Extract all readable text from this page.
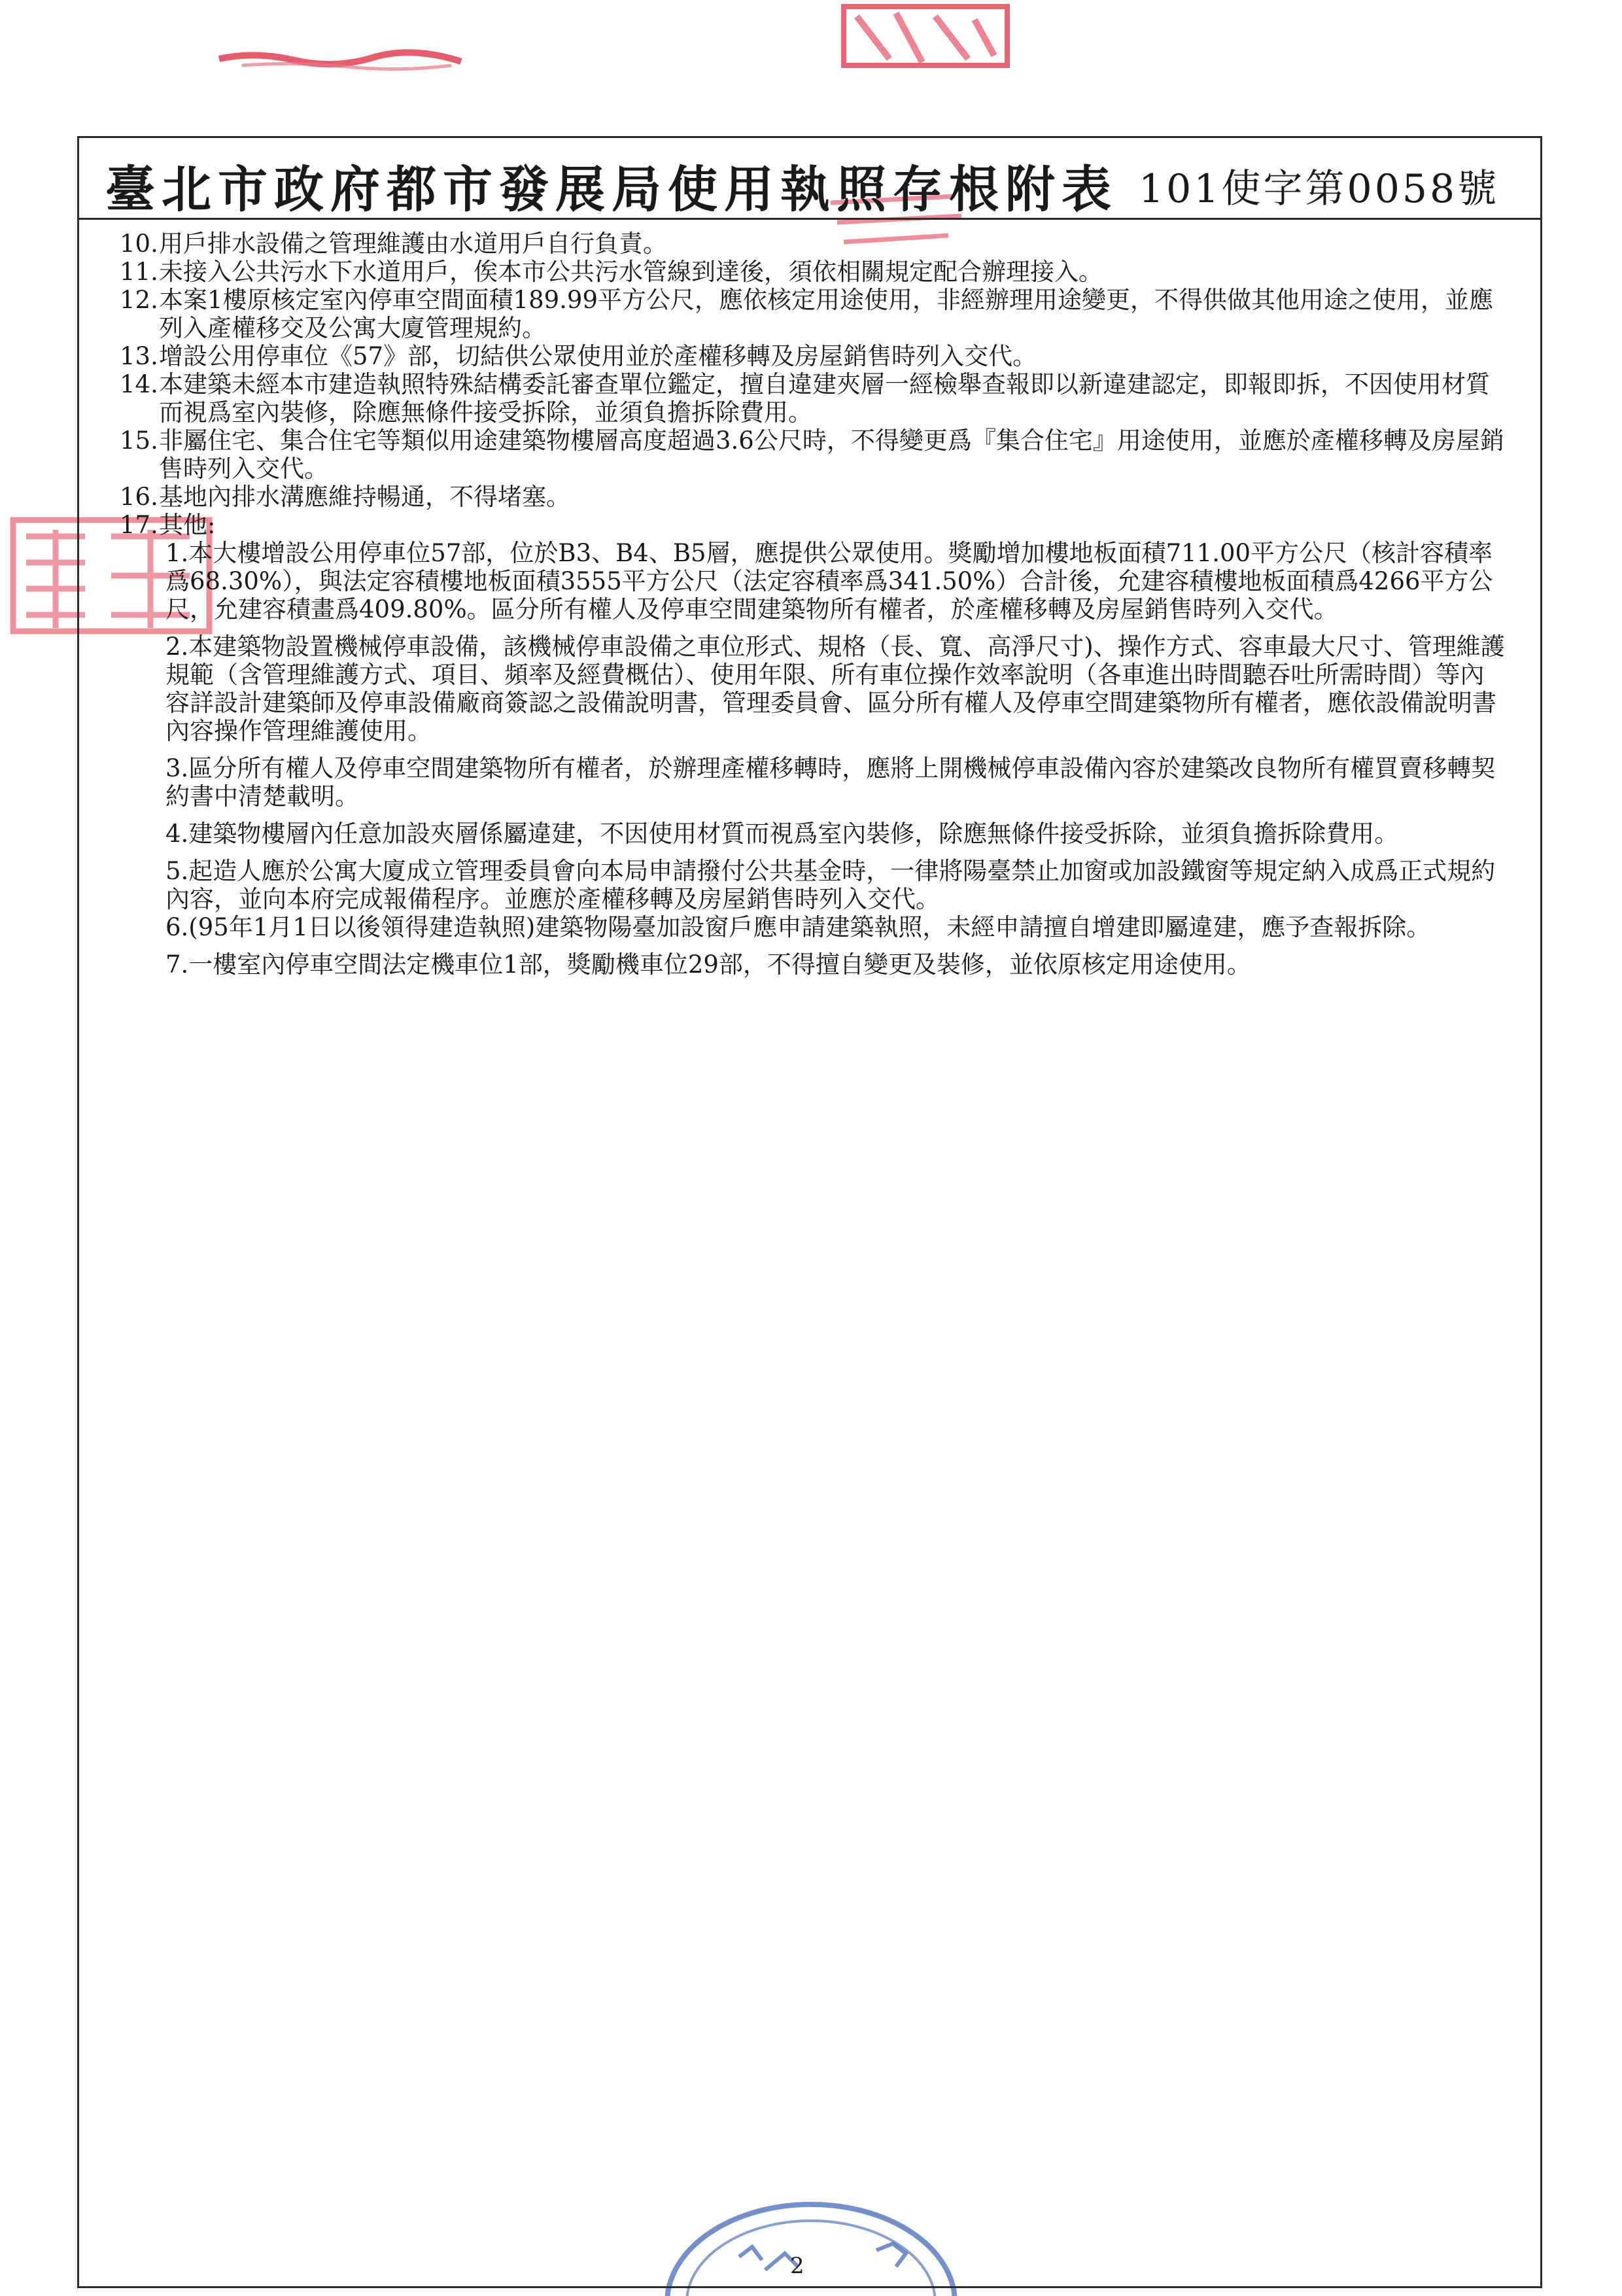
臺北市政府都市發展局使用執照存根附表 101使字第0058號

10. 用戶排水設備之管理維護由水道用戶自行負責。

11. 未接入公共污水下水道用戶，俟本市公共污水管線到達後，須依相關規定配合辦理接入。

12. 本案1樓原核定室內停車空間面積189.99平方公尺，應依核定用途使用，非經辦理用途變更，不得供做其他用途之使用，並應列入產權移交及公寓大廈管理規約。

13. 增設公用停車位《57》部，切結供公眾使用並於產權移轉及房屋銷售時列入交代。

14. 本建築未經本市建造執照特殊結構委託審查單位鑑定，擅自違建夾層一經檢舉查報即以新違建認定，即報即拆，不因使用材質而視爲室內裝修，除應無條件接受拆除，並須負擔拆除費用。

15. 非屬住宅、集合住宅等類似用途建築物樓層高度超過3.6公尺時，不得變更爲『集合住宅』用途使用，並應於產權移轉及房屋銷售時列入交代。

16. 基地內排水溝應維持暢通，不得堵塞。

17. 其他:

1.本大樓增設公用停車位57部，位於B3、B4、B5層，應提供公眾使用。獎勵增加樓地板面積711.00平方公尺（核計容積率爲68.30%），與法定容積樓地板面積3555平方公尺（法定容積率爲341.50%）合計後，允建容積樓地板面積爲4266平方公尺，允建容積畫爲409.80%。區分所有權人及停車空間建築物所有權者，於產權移轉及房屋銷售時列入交代。

2.本建築物設置機械停車設備，該機械停車設備之車位形式、規格（長、寬、高淨尺寸)、操作方式、容車最大尺寸、管理維護規範（含管理維護方式、項目、頻率及經費概估）、使用年限、所有車位操作效率說明（各車進出時間聽吞吐所需時間）等內容詳設計建築師及停車設備廠商簽認之設備說明書，管理委員會、區分所有權人及停車空間建築物所有權者，應依設備說明書內容操作管理維護使用。

3.區分所有權人及停車空間建築物所有權者，於辦理產權移轉時，應將上開機械停車設備內容於建築改良物所有權買賣移轉契約書中清楚載明。

4.建築物樓層內任意加設夾層係屬違建，不因使用材質而視爲室內裝修，除應無條件接受拆除，並須負擔拆除費用。

5.起造人應於公寓大廈成立管理委員會向本局申請撥付公共基金時，一律將陽臺禁止加窗或加設鐵窗等規定納入成爲正式規約內容，並向本府完成報備程序。並應於產權移轉及房屋銷售時列入交代。

6.(95年1月1日以後領得建造執照)建築物陽臺加設窗戶應申請建築執照，未經申請擅自增建即屬違建，應予查報拆除。

7.一樓室內停車空間法定機車位1部，獎勵機車位29部，不得擅自變更及裝修，並依原核定用途使用。

2
